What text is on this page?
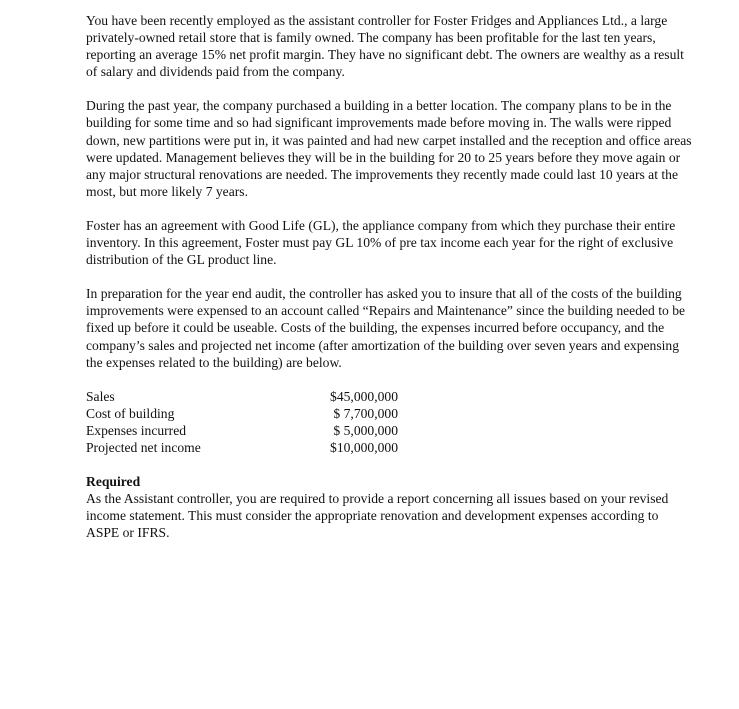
You have been recently employed as the assistant controller for Foster Fridges and Appliances Ltd., a large privately-owned retail store that is family owned. The company has been profitable for the last ten years, reporting an average 15% net profit margin. They have no significant debt. The owners are wealthy as a result of salary and dividends paid from the company.

During the past year, the company purchased a building in a better location. The company plans to be in the building for some time and so had significant improvements made before moving in. The walls were ripped down, new partitions were put in, it was painted and had new carpet installed and the reception and office areas were updated. Management believes they will be in the building for 20 to 25 years before they move again or any major structural renovations are needed. The improvements they recently made could last 10 years at the most, but more likely 7 years.

Foster has an agreement with Good Life (GL), the appliance company from which they purchase their entire inventory. In this agreement, Foster must pay GL 10% of pre tax income each year for the right of exclusive distribution of the GL product line.

In preparation for the year end audit, the controller has asked you to insure that all of the costs of the building improvements were expensed to an account called “Repairs and Maintenance” since the building needed to be fixed up before it could be useable. Costs of the building, the expenses incurred before occupancy, and the company’s sales and projected net income (after amortization of the building over seven years and expensing the expenses related to the building) are below.

Sales	$45,000,000
Cost of building	$ 7,700,000
Expenses incurred	$ 5,000,000
Projected net income	$10,000,000

Required

As the Assistant controller, you are required to provide a report concerning all issues based on your revised income statement. This must consider the appropriate renovation and development expenses according to ASPE or IFRS.
